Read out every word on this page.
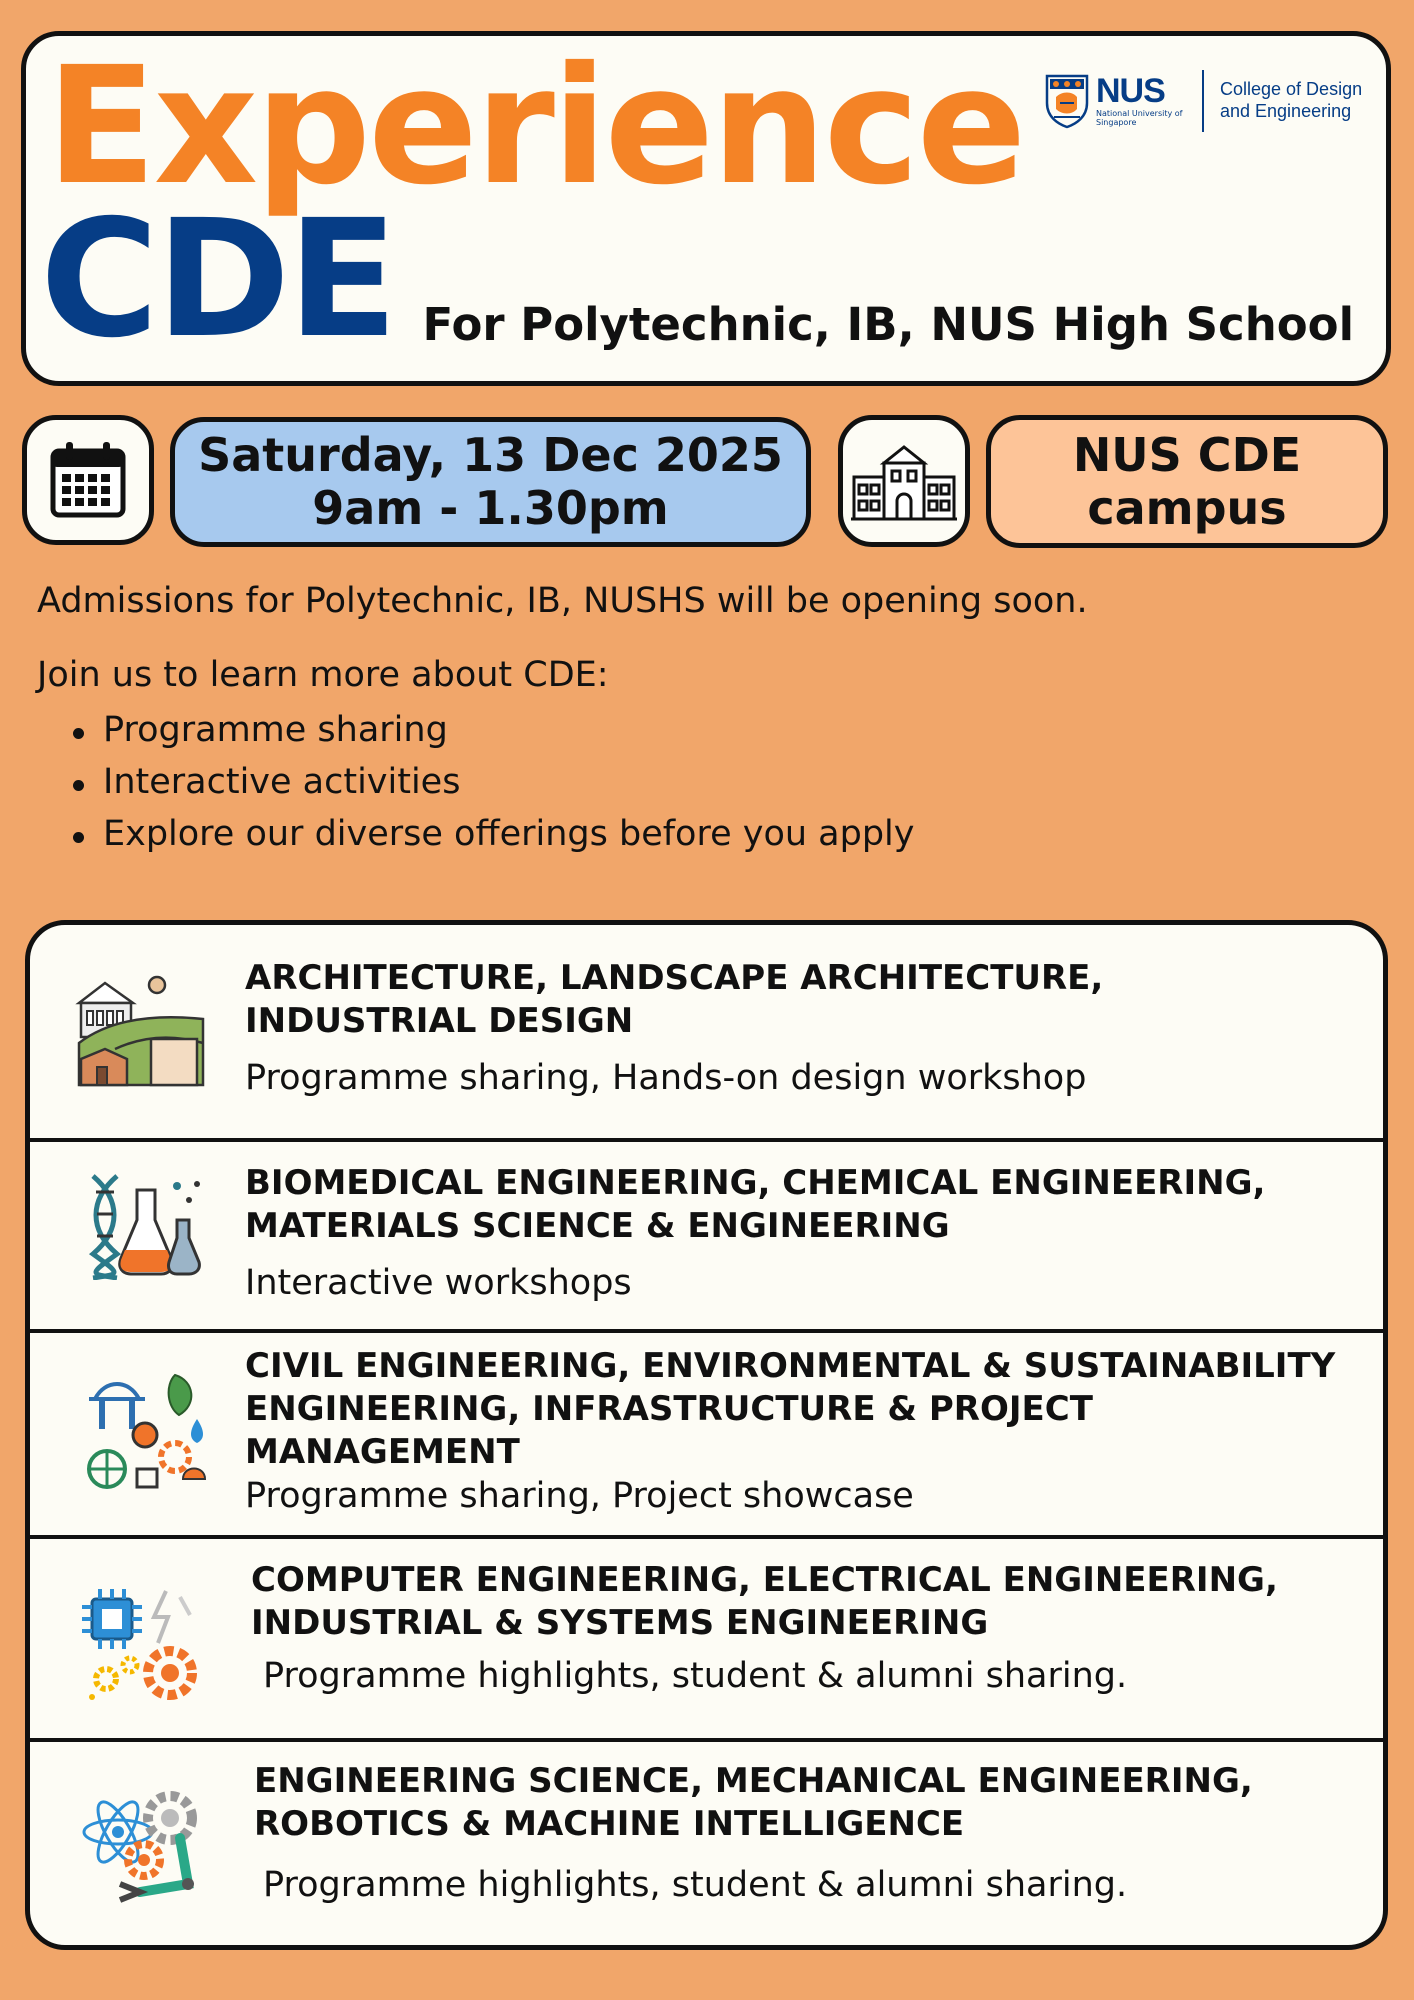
Experience
CDE For Polytechnic, IB, NUS High School
NUS
National University of Singapore
College of Design and Engineering
Saturday, 13 Dec 2025
9am - 1.30pm
NUS CDE
campus
Admissions for Polytechnic, IB, NUSHS will be opening soon.
Join us to learn more about CDE:
Programme sharing
Interactive activities
Explore our diverse offerings before you apply
ARCHITECTURE, LANDSCAPE ARCHITECTURE,
INDUSTRIAL DESIGN
Programme sharing, Hands-on design workshop
BIOMEDICAL ENGINEERING, CHEMICAL ENGINEERING,
MATERIALS SCIENCE & ENGINEERING
Interactive workshops
CIVIL ENGINEERING, ENVIRONMENTAL & SUSTAINABILITY
ENGINEERING, INFRASTRUCTURE & PROJECT
MANAGEMENT
Programme sharing, Project showcase
COMPUTER ENGINEERING, ELECTRICAL ENGINEERING,
INDUSTRIAL & SYSTEMS ENGINEERING
Programme highlights, student & alumni sharing.
ENGINEERING SCIENCE, MECHANICAL ENGINEERING,
ROBOTICS & MACHINE INTELLIGENCE
Programme highlights, student & alumni sharing.
